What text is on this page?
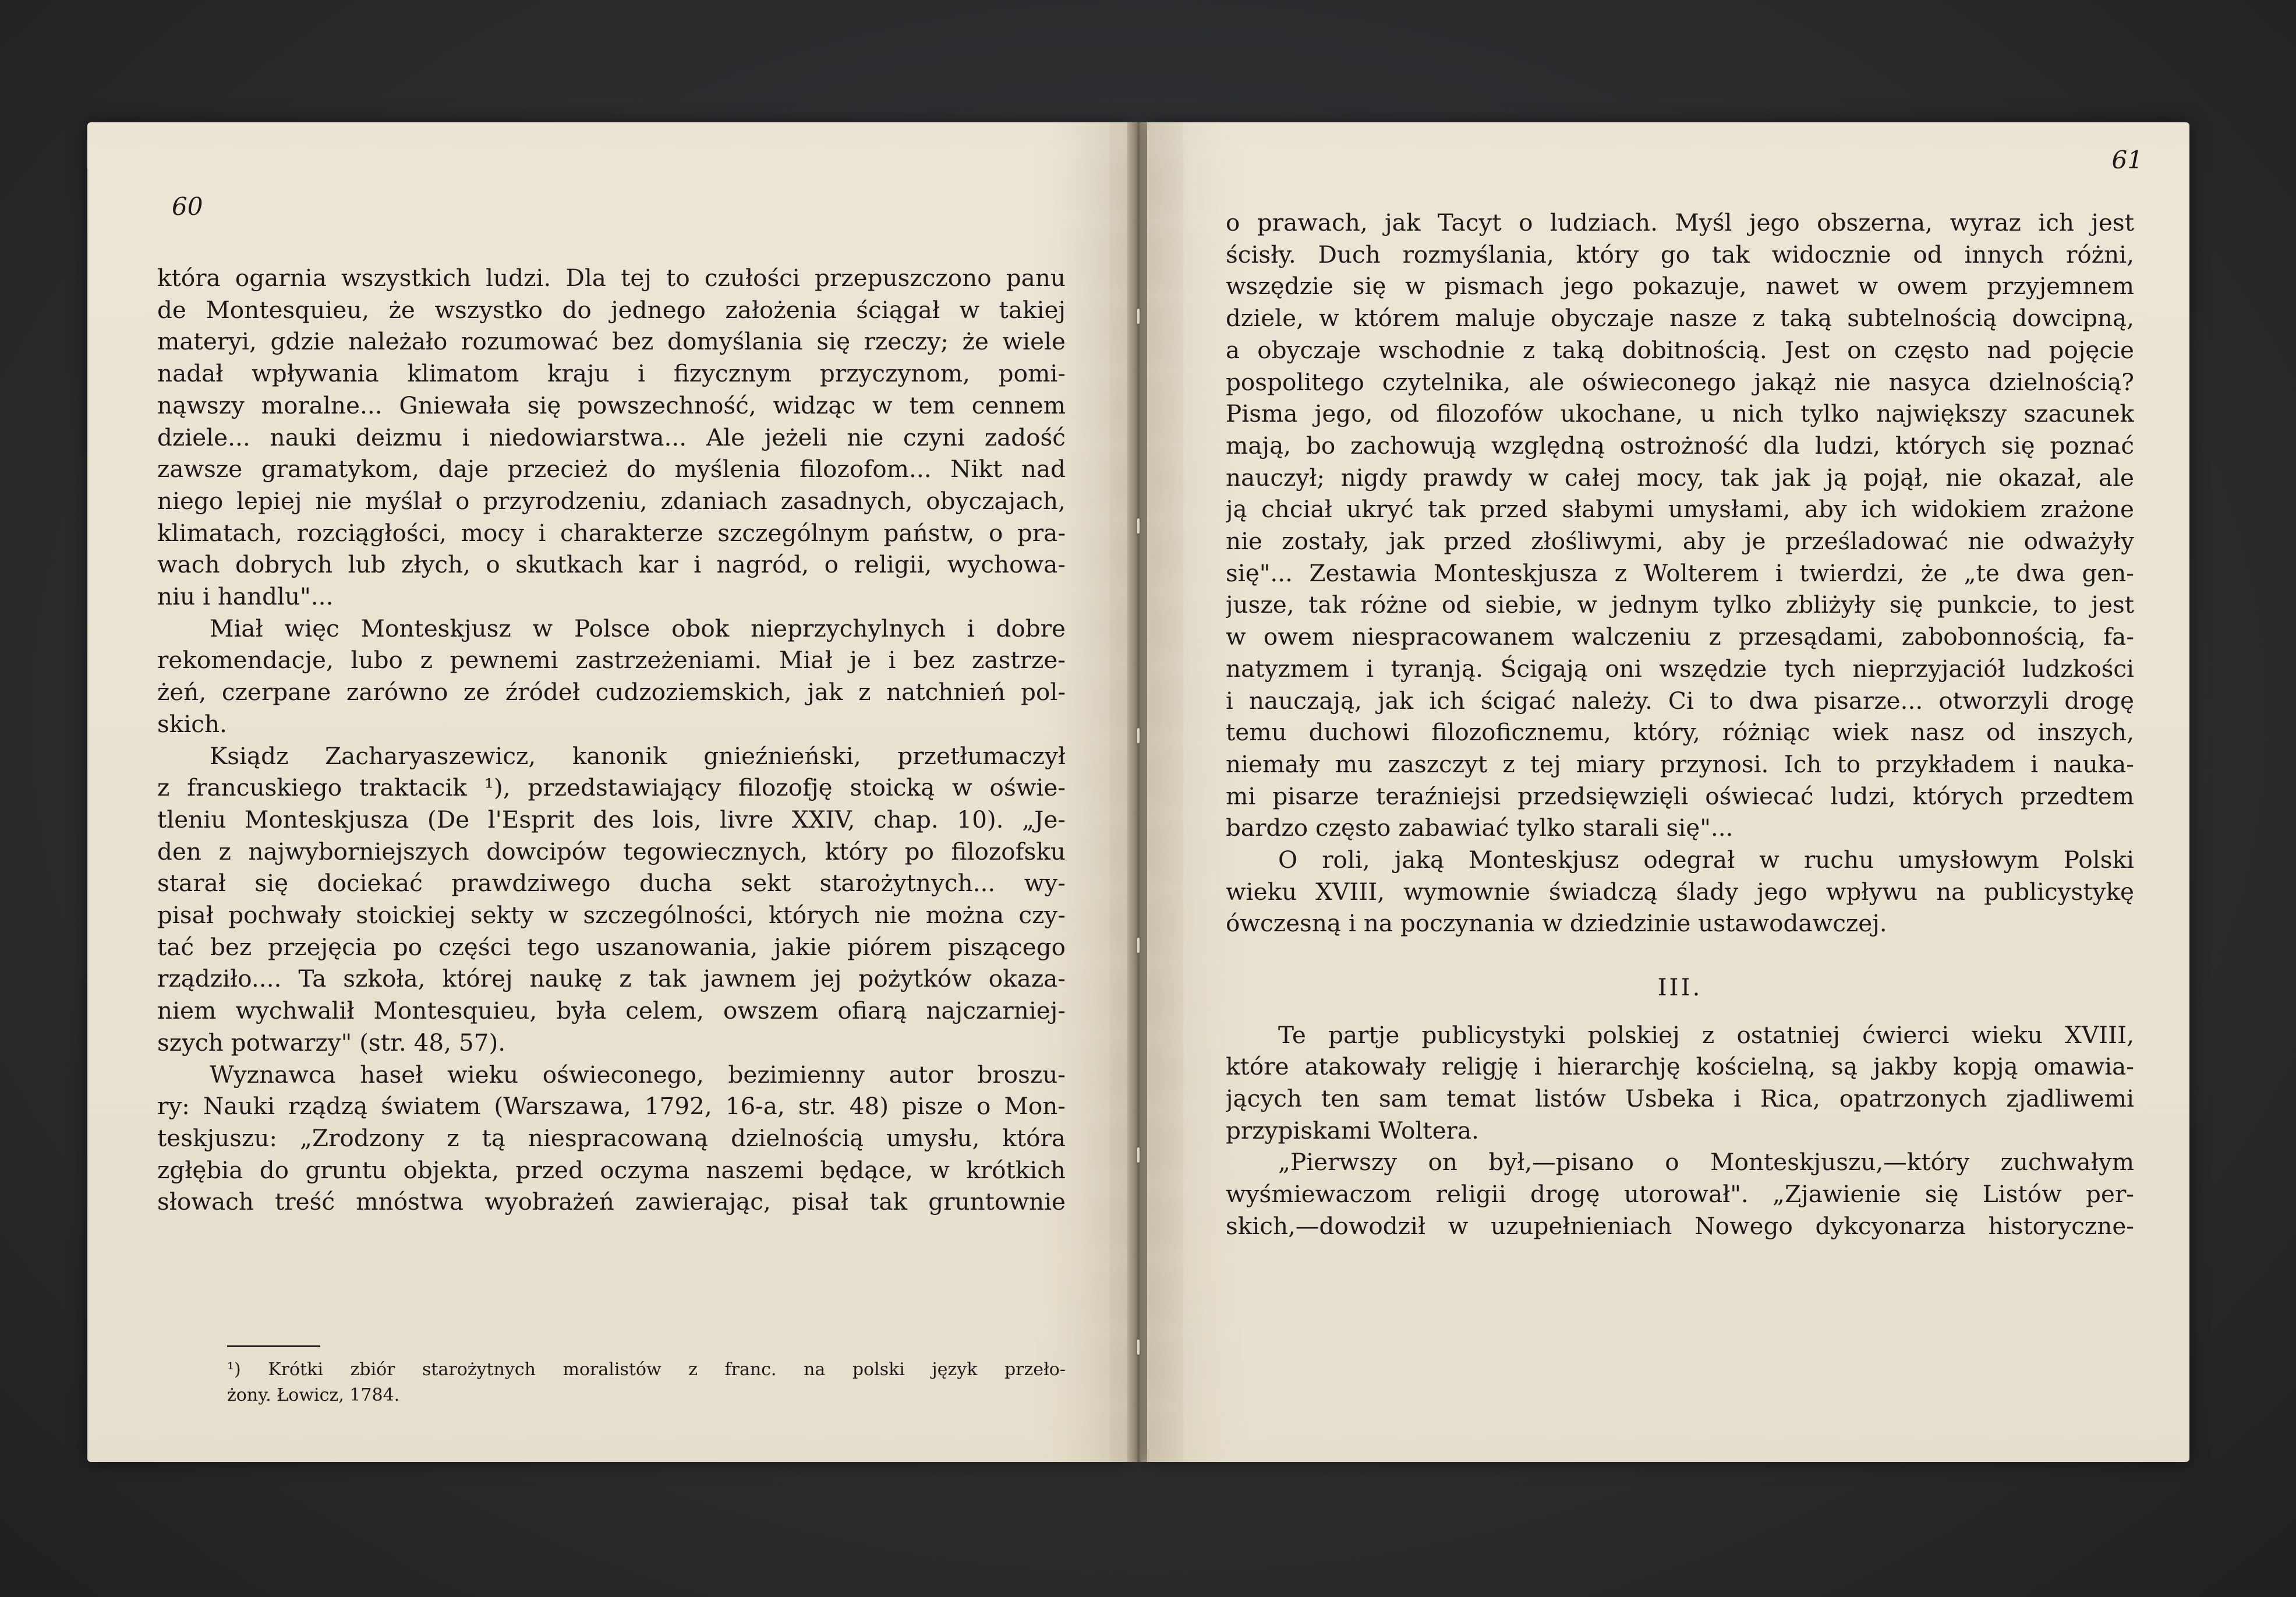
60
która ogarnia wszystkich ludzi. Dla tej to czułości przepuszczono panu
de Montesquieu, że wszystko do jednego założenia ściągał w takiej
materyi, gdzie należało rozumować bez domyślania się rzeczy; że wiele
nadał wpływania klimatom kraju i fizycznym przyczynom, pomi-
nąwszy moralne... Gniewała się powszechność, widząc w tem cennem
dziele... nauki deizmu i niedowiarstwa... Ale jeżeli nie czyni zadość
zawsze gramatykom, daje przecież do myślenia filozofom... Nikt nad
niego lepiej nie myślał o przyrodzeniu, zdaniach zasadnych, obyczajach,
klimatach, rozciągłości, mocy i charakterze szczególnym państw, o pra-
wach dobrych lub złych, o skutkach kar i nagród, o religii, wychowa-
niu i handlu"...
Miał więc Monteskjusz w Polsce obok nieprzychylnych i dobre
rekomendacje, lubo z pewnemi zastrzeżeniami. Miał je i bez zastrze-
żeń, czerpane zarówno ze źródeł cudzoziemskich, jak z natchnień pol-
skich.
Ksiądz Zacharyaszewicz, kanonik gnieźnieński, przetłumaczył
z francuskiego traktacik ¹), przedstawiający filozofję stoicką w oświe-
tleniu Monteskjusza (De l'Esprit des lois, livre XXIV, chap. 10). „Je-
den z najwyborniejszych dowcipów tegowiecznych, który po filozofsku
starał się dociekać prawdziwego ducha sekt starożytnych... wy-
pisał pochwały stoickiej sekty w szczególności, których nie można czy-
tać bez przejęcia po części tego uszanowania, jakie piórem piszącego
rządziło.... Ta szkoła, której naukę z tak jawnem jej pożytków okaza-
niem wychwalił Montesquieu, była celem, owszem ofiarą najczarniej-
szych potwarzy" (str. 48, 57).
Wyznawca haseł wieku oświeconego, bezimienny autor broszu-
ry: Nauki rządzą światem (Warszawa, 1792, 16-a, str. 48) pisze o Mon-
teskjuszu: „Zrodzony z tą niespracowaną dzielnością umysłu, która
zgłębia do gruntu objekta, przed oczyma naszemi będące, w krótkich
słowach treść mnóstwa wyobrażeń zawierając, pisał tak gruntownie
¹) Krótki zbiór starożytnych moralistów z franc. na polski język przeło-
żony. Łowicz, 1784.
61
o prawach, jak Tacyt o ludziach. Myśl jego obszerna, wyraz ich jest
ścisły. Duch rozmyślania, który go tak widocznie od innych różni,
wszędzie się w pismach jego pokazuje, nawet w owem przyjemnem
dziele, w którem maluje obyczaje nasze z taką subtelnością dowcipną,
a obyczaje wschodnie z taką dobitnością. Jest on często nad pojęcie
pospolitego czytelnika, ale oświeconego jakąż nie nasyca dzielnością?
Pisma jego, od filozofów ukochane, u nich tylko największy szacunek
mają, bo zachowują względną ostrożność dla ludzi, których się poznać
nauczył; nigdy prawdy w całej mocy, tak jak ją pojął, nie okazał, ale
ją chciał ukryć tak przed słabymi umysłami, aby ich widokiem zrażone
nie zostały, jak przed złośliwymi, aby je prześladować nie odważyły
się"... Zestawia Monteskjusza z Wolterem i twierdzi, że „te dwa gen-
jusze, tak różne od siebie, w jednym tylko zbliżyły się punkcie, to jest
w owem niespracowanem walczeniu z przesądami, zabobonnością, fa-
natyzmem i tyranją. Ścigają oni wszędzie tych nieprzyjaciół ludzkości
i nauczają, jak ich ścigać należy. Ci to dwa pisarze... otworzyli drogę
temu duchowi filozoficznemu, który, różniąc wiek nasz od inszych,
niemały mu zaszczyt z tej miary przynosi. Ich to przykładem i nauka-
mi pisarze teraźniejsi przedsięwzięli oświecać ludzi, których przedtem
bardzo często zabawiać tylko starali się"...
O roli, jaką Monteskjusz odegrał w ruchu umysłowym Polski
wieku XVIII, wymownie świadczą ślady jego wpływu na publicystykę
ówczesną i na poczynania w dziedzinie ustawodawczej.
III.
Te partje publicystyki polskiej z ostatniej ćwierci wieku XVIII,
które atakowały religję i hierarchję kościelną, są jakby kopją omawia-
jących ten sam temat listów Usbeka i Rica, opatrzonych zjadliwemi
przypiskami Woltera.
„Pierwszy on był,—pisano o Monteskjuszu,—który zuchwałym
wyśmiewaczom religii drogę utorował". „Zjawienie się Listów per-
skich,—dowodził w uzupełnieniach Nowego dykcyonarza historyczne-
